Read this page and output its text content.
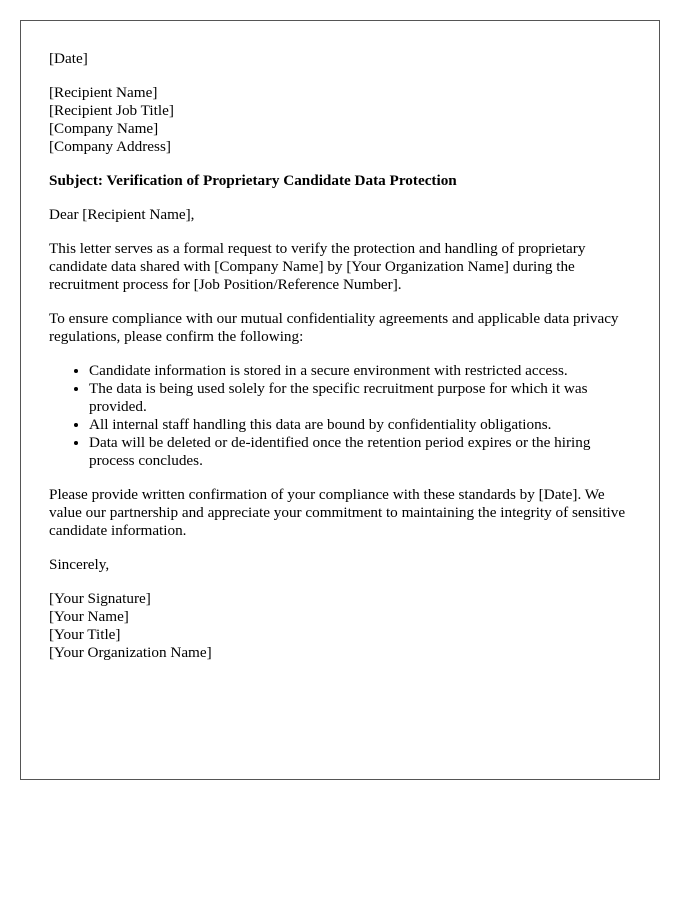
[Date]

[Recipient Name]
[Recipient Job Title]
[Company Name]
[Company Address]

Subject: Verification of Proprietary Candidate Data Protection

Dear [Recipient Name],

This letter serves as a formal request to verify the protection and handling of proprietary candidate data shared with [Company Name] by [Your Organization Name] during the recruitment process for [Job Position/Reference Number].

To ensure compliance with our mutual confidentiality agreements and applicable data privacy regulations, please confirm the following:

• Candidate information is stored in a secure environment with restricted access.
• The data is being used solely for the specific recruitment purpose for which it was provided.
• All internal staff handling this data are bound by confidentiality obligations.
• Data will be deleted or de-identified once the retention period expires or the hiring process concludes.

Please provide written confirmation of your compliance with these standards by [Date]. We value our partnership and appreciate your commitment to maintaining the integrity of sensitive candidate information.

Sincerely,

[Your Signature]
[Your Name]
[Your Title]
[Your Organization Name]
